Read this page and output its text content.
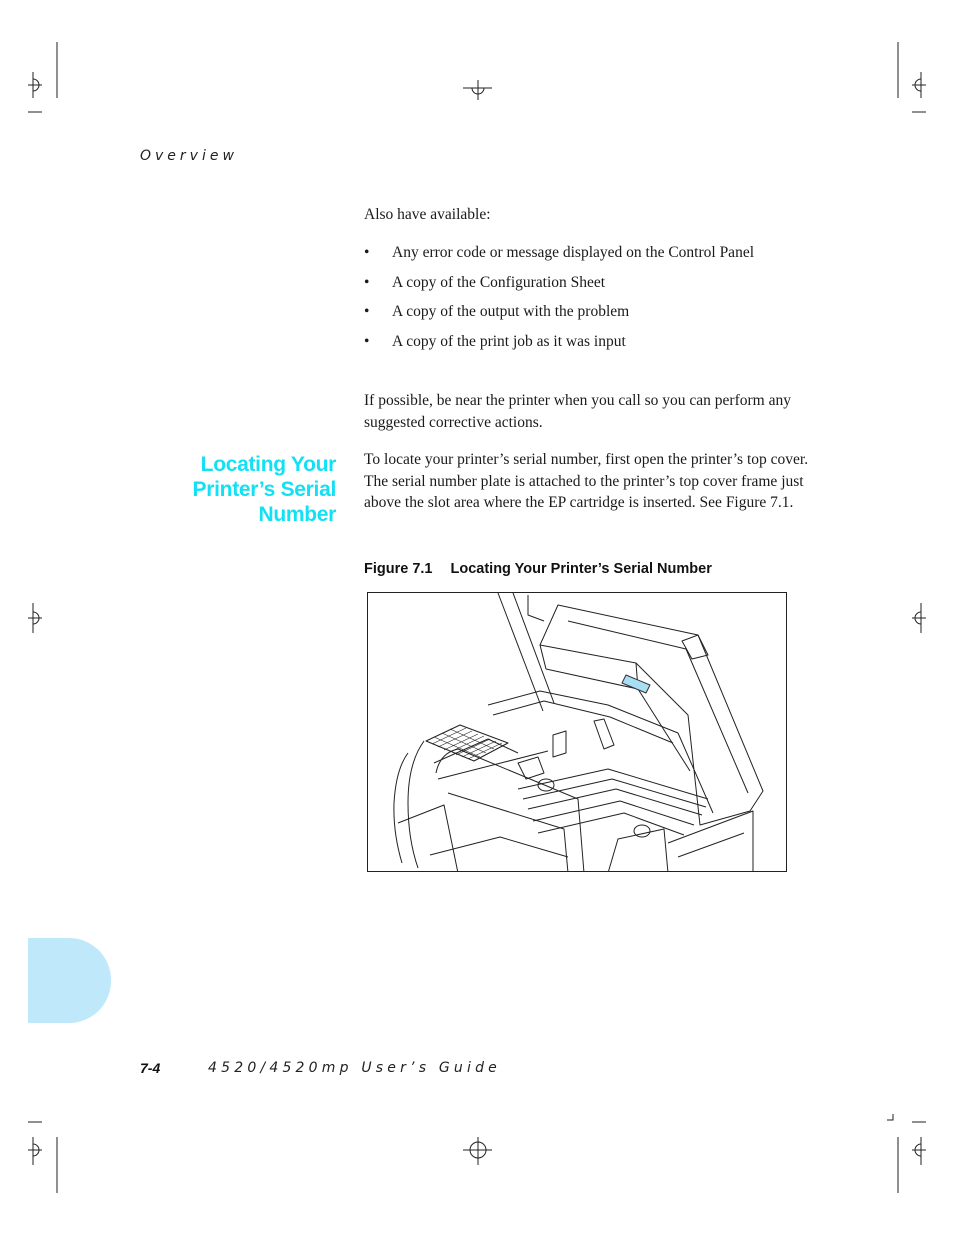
Overview
Also have available:
• Any error code or message displayed on the Control Panel
• A copy of the Configuration Sheet
• A copy of the output with the problem
• A copy of the print job as it was input
If possible, be near the printer when you call so you can perform any suggested corrective actions.
Locating Your
Printer’s Serial
Number
To locate your printer’s serial number, first open the printer’s top cover. The serial number plate is attached to the printer’s top cover frame just above the slot area where the EP cartridge is inserted. See Figure 7.1.
Figure 7.1 Locating Your Printer’s Serial Number
7-4	4520/4520mp User’s Guide
